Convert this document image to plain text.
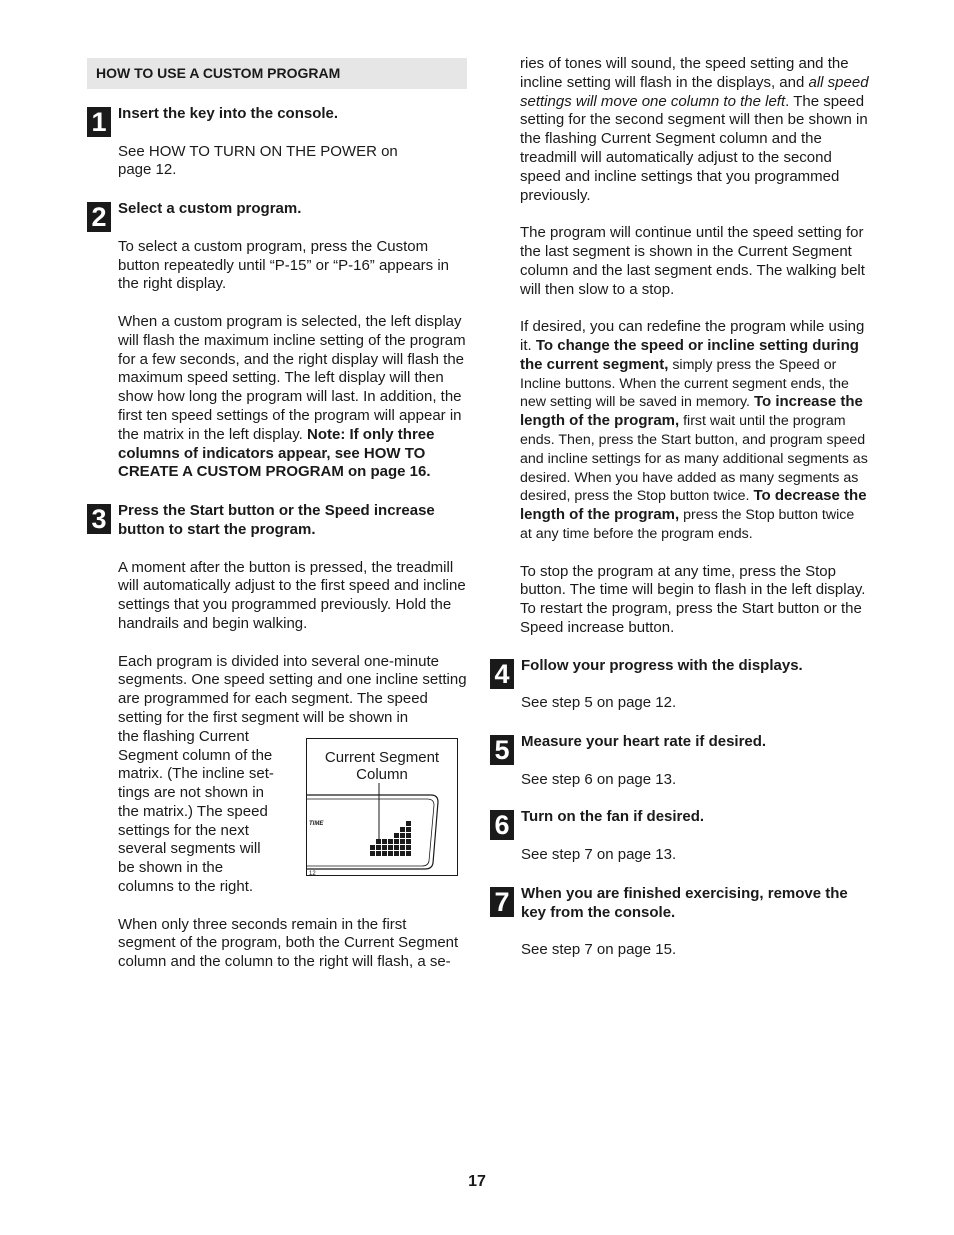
HOW TO USE A CUSTOM PROGRAM
1 Insert the key into the console.

See HOW TO TURN ON THE POWER on
page 12.

2 Select a custom program.

To select a custom program, press the Custom button repeatedly until “P-15” or “P-16” appears in the right display.

When a custom program is selected, the left display will flash the maximum incline setting of the program for a few seconds, and the right display will flash the maximum speed setting. The left display will then show how long the program will last. In addition, the first ten speed settings of the program will appear in the matrix in the left display. Note: If only three columns of indicators appear, see HOW TO CREATE A CUSTOM PROGRAM on page 16.

3 Press the Start button or the Speed increase button to start the program.

A moment after the button is pressed, the treadmill will automatically adjust to the first speed and incline settings that you programmed previously. Hold the handrails and begin walking.

Each program is divided into several one-minute segments. One speed setting and one incline setting are programmed for each segment. The speed setting for the first segment will be shown in

the flashing Current
Segment column of the
matrix. (The incline set-
tings are not shown in
the matrix.) The speed
settings for the next
several segments will
be shown in the
columns to the right.
TIME
12
Current Segment
Column

When only three seconds remain in the first segment of the program, both the Current Segment column and the column to the right will flash, a se-

ries of tones will sound, the speed setting and the incline setting will flash in the displays, and all speed settings will move one column to the left. The speed setting for the second segment will then be shown in the flashing Current Segment column and the treadmill will automatically adjust to the second speed and incline settings that you programmed previously.

The program will continue until the speed setting for the last segment is shown in the Current Segment column and the last segment ends. The walking belt will then slow to a stop.

If desired, you can redefine the program while using it. To change the speed or incline setting during the current segment, simply press the Speed or Incline buttons. When the current segment ends, the new setting will be saved in memory. To increase the length of the program, first wait until the program ends. Then, press the Start button, and program speed and incline settings for as many additional segments as desired. When you have added as many segments as desired, press the Stop button twice. To decrease the length of the program, press the Stop button twice at any time before the program ends.

To stop the program at any time, press the Stop button. The time will begin to flash in the left display. To restart the program, press the Start button or the Speed increase button.

4 Follow your progress with the displays.

See step 5 on page 12.

5 Measure your heart rate if desired.

See step 6 on page 13.

6 Turn on the fan if desired.

See step 7 on page 13.

7 When you are finished exercising, remove the key from the console.

See step 7 on page 15.

17
